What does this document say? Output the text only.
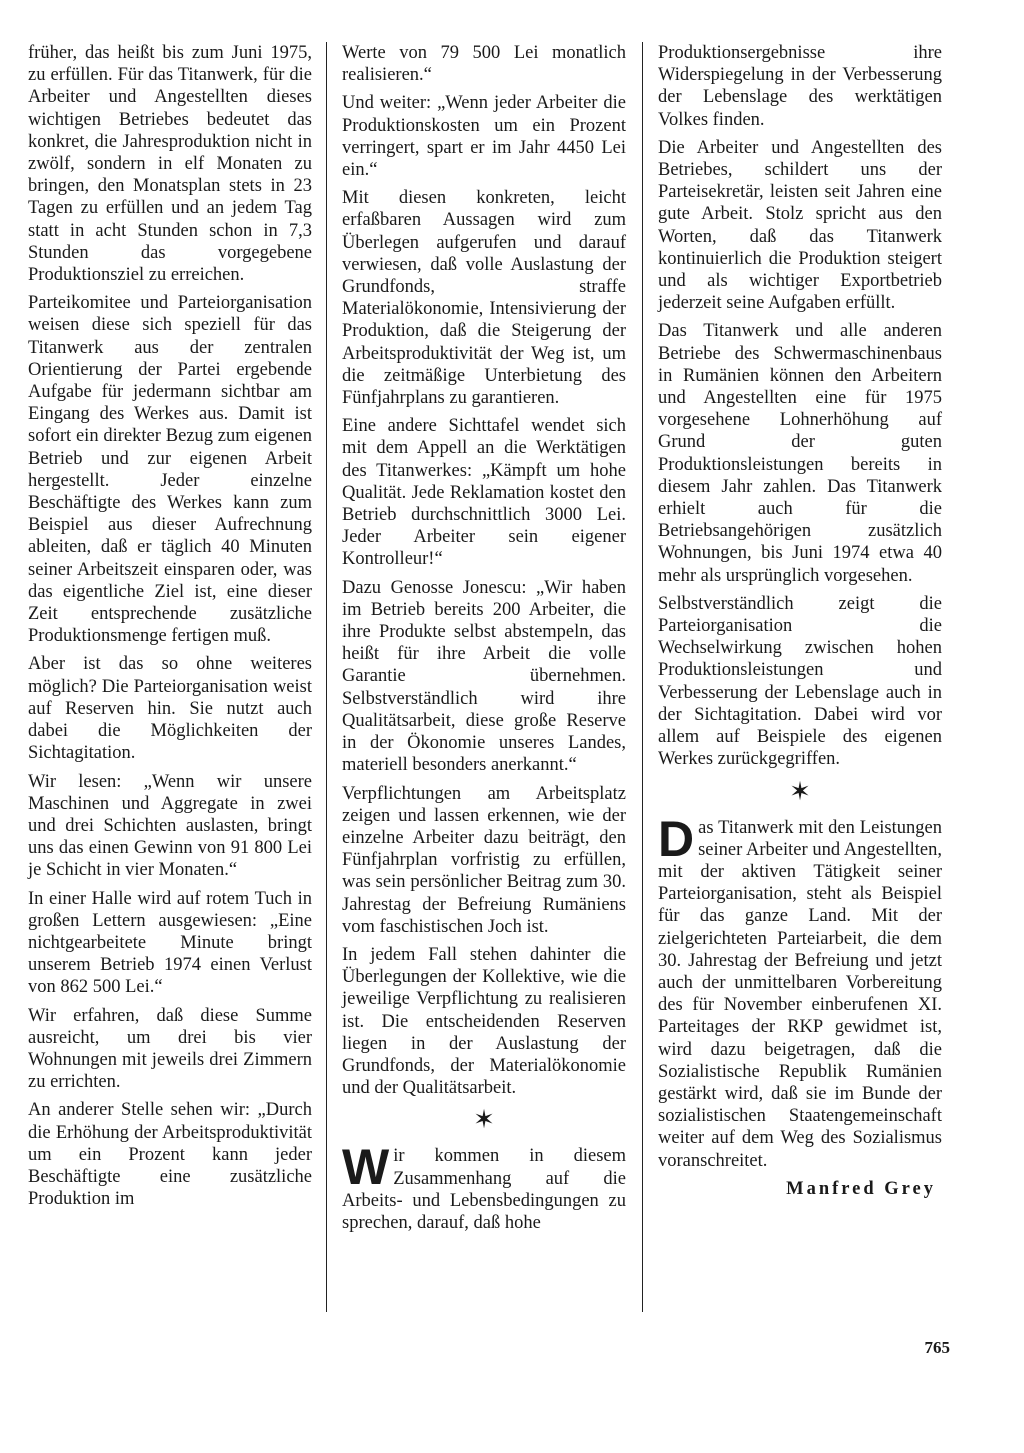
früher, das heißt bis zum Juni 1975, zu erfüllen. Für das Titanwerk, für die Arbeiter und Angestellten dieses wichtigen Betriebes bedeutet das konkret, die Jahresproduktion nicht in zwölf, sondern in elf Monaten zu bringen, den Monatsplan stets in 23 Tagen zu erfüllen und an jedem Tag statt in acht Stunden schon in 7,3 Stunden das vorgegebene Produktionsziel zu erreichen.

Parteikomitee und Parteiorganisation weisen diese sich speziell für das Titanwerk aus der zentralen Orientierung der Partei ergebende Aufgabe für jedermann sichtbar am Eingang des Werkes aus. Damit ist sofort ein direkter Bezug zum eigenen Betrieb und zur eigenen Arbeit hergestellt. Jeder einzelne Beschäftigte des Werkes kann zum Beispiel aus dieser Aufrechnung ableiten, daß er täglich 40 Minuten seiner Arbeitszeit einsparen oder, was das eigentliche Ziel ist, eine dieser Zeit entsprechende zusätzliche Produktionsmenge fertigen muß.

Aber ist das so ohne weiteres möglich? Die Parteiorganisation weist auf Reserven hin. Sie nutzt auch dabei die Möglichkeiten der Sichtagitation.

Wir lesen: „Wenn wir unsere Maschinen und Aggregate in zwei und drei Schichten auslasten, bringt uns das einen Gewinn von 91 800 Lei je Schicht in vier Monaten.“

In einer Halle wird auf rotem Tuch in großen Lettern ausgewiesen: „Eine nichtgearbeitete Minute bringt unserem Betrieb 1974 einen Verlust von 862 500 Lei.“

Wir erfahren, daß diese Summe ausreicht, um drei bis vier Wohnungen mit jeweils drei Zimmern zu errichten.

An anderer Stelle sehen wir: „Durch die Erhöhung der Arbeitsproduktivität um ein Prozent kann jeder Beschäftigte eine zusätzliche Produktion im

Werte von 79 500 Lei monatlich realisieren.“

Und weiter: „Wenn jeder Arbeiter die Produktionskosten um ein Prozent verringert, spart er im Jahr 4450 Lei ein.“

Mit diesen konkreten, leicht erfaßbaren Aussagen wird zum Überlegen aufgerufen und darauf verwiesen, daß volle Auslastung der Grundfonds, straffe Materialökonomie, Intensivierung der Produktion, daß die Steigerung der Arbeitsproduktivität der Weg ist, um die zeitmäßige Unterbietung des Fünfjahrplans zu garantieren.

Eine andere Sichttafel wendet sich mit dem Appell an die Werktätigen des Titanwerkes: „Kämpft um hohe Qualität. Jede Reklamation kostet den Betrieb durchschnittlich 3000 Lei. Jeder Arbeiter sein eigener Kontrolleur!“

Dazu Genosse Jonescu: „Wir haben im Betrieb bereits 200 Arbeiter, die ihre Produkte selbst abstempeln, das heißt für ihre Arbeit die volle Garantie übernehmen. Selbstverständlich wird ihre Qualitätsarbeit, diese große Reserve in der Ökonomie unseres Landes, materiell besonders anerkannt.“

Verpflichtungen am Arbeitsplatz zeigen und lassen erkennen, wie der einzelne Arbeiter dazu beiträgt, den Fünfjahrplan vorfristig zu erfüllen, was sein persönlicher Beitrag zum 30. Jahrestag der Befreiung Rumäniens vom faschistischen Joch ist.

In jedem Fall stehen dahinter die Überlegungen der Kollektive, wie die jeweilige Verpflichtung zu realisieren ist. Die entscheidenden Reserven liegen in der Auslastung der Grundfonds, der Materialökonomie und der Qualitätsarbeit.

✶

Wir kommen in diesem Zusammenhang auf die Arbeits- und Lebensbedingungen zu sprechen, darauf, daß hohe

Produktionsergebnisse ihre Widerspiegelung in der Verbesserung der Lebenslage des werktätigen Volkes finden.

Die Arbeiter und Angestellten des Betriebes, schildert uns der Parteisekretär, leisten seit Jahren eine gute Arbeit. Stolz spricht aus den Worten, daß das Titanwerk kontinuierlich die Produktion steigert und als wichtiger Exportbetrieb jederzeit seine Aufgaben erfüllt.

Das Titanwerk und alle anderen Betriebe des Schwermaschinenbaus in Rumänien können den Arbeitern und Angestellten eine für 1975 vorgesehene Lohnerhöhung auf Grund der guten Produktionsleistungen bereits in diesem Jahr zahlen. Das Titanwerk erhielt auch für die Betriebsangehörigen zusätzlich Wohnungen, bis Juni 1974 etwa 40 mehr als ursprünglich vorgesehen.

Selbstverständlich zeigt die Parteiorganisation die Wechselwirkung zwischen hohen Produktionsleistungen und Verbesserung der Lebenslage auch in der Sichtagitation. Dabei wird vor allem auf Beispiele des eigenen Werkes zurückgegriffen.

✶

Das Titanwerk mit den Leistungen seiner Arbeiter und Angestellten, mit der aktiven Tätigkeit seiner Parteiorganisation, steht als Beispiel für das ganze Land. Mit der zielgerichteten Parteiarbeit, die dem 30. Jahrestag der Befreiung und jetzt auch der unmittelbaren Vorbereitung des für November einberufenen XI. Parteitages der RKP gewidmet ist, wird dazu beigetragen, daß die Sozialistische Republik Rumänien gestärkt wird, daß sie im Bunde der sozialistischen Staatengemeinschaft weiter auf dem Weg des Sozialismus voranschreitet.

Manfred Grey
765
